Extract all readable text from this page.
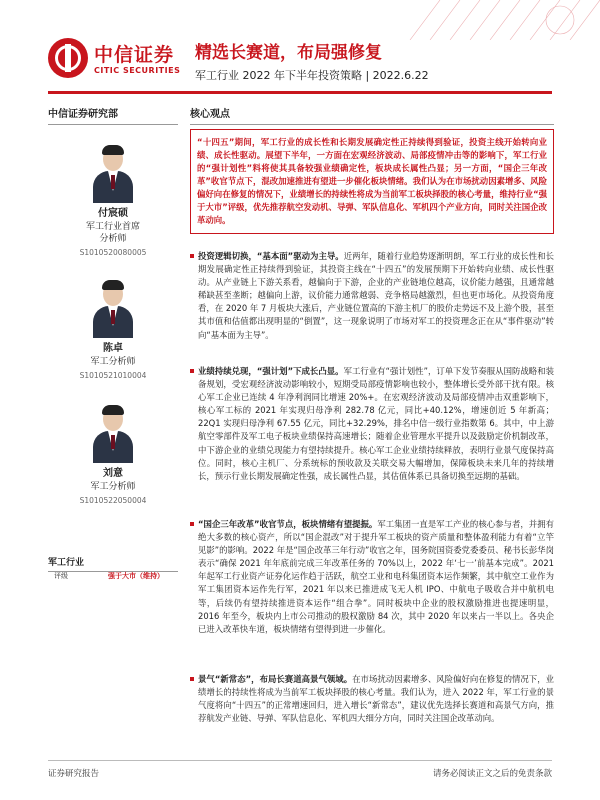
中信证券
CITIC SECURITIES
精选长赛道，布局强修复
军工行业 2022 年下半年投资策略 | 2022.6.22
中信证券研究部
付宸硕
军工行业首席
分析师
S1010520080005
陈卓
军工分析师
S1010521010004
刘意
军工分析师
S1010522050004
军工行业
评级	强于大市（维持）
核心观点
“十四五”期间，军工行业的成长性和长期发展确定性正持续得到验证，投资主线开始转向业绩、成长性驱动。展望下半年，一方面在宏观经济波动、局部疫情冲击等的影响下，军工行业的“强计划性”料将使其具备较强业绩确定性，板块成长属性凸显；另一方面，“国企三年改革”收官节点下，混改加速推进有望进一步催化板块情绪。我们认为在市场扰动因素增多、风险偏好向在修复的情况下，业绩增长的持续性将成为当前军工板块择股的核心考量，维持行业“强于大市”评级，优先推荐航空发动机、导弹、军队信息化、军机四个产业方向，同时关注国企改革动向。
投资逻辑切换，“基本面”驱动为主导。近两年，随着行业趋势逐渐明朗，军工行业的成长性和长期发展确定性正持续得到验证，其投资主线在“十四五”的发展预期下开始转向业绩、成长性驱动。从产业链上下游关系看，越偏向于下游，企业的产业链地位越高，议价能力越强，且通常越稀缺甚至垄断；越偏向上游，议价能力通常越弱、竞争格局越激烈，但也更市场化。从投资角度看，在 2020 年 7 月板块大涨后，产业链位置高的下游主机厂的股价走势远不及上游个股，甚至其市值和估值都出现明显的“倒置”，这一现象说明了市场对军工的投资理念正在从“事件驱动”转向“基本面为主导”。
业绩持续兑现，“强计划”下成长凸显。军工行业有“强计划性”，订单下发节奏服从国防战略和装备规划，受宏观经济波动影响较小，短期受局部疫情影响也较小，整体增长受外部干扰有限。核心军工企业已连续 4 年净利润同比增速 20%+。在宏观经济波动及局部疫情冲击双重影响下，核心军工标的 2021 年实现归母净利 282.78 亿元，同比+40.12%，增速创近 5 年新高；22Q1 实现归母净利 67.55 亿元，同比+32.29%，排名中信一级行业指数第 6。其中，中上游航空零部件及军工电子板块业绩保持高速增长；随着企业管理水平提升以及鼓励定价机制改革，中下游企业的业绩兑现能力有望持续提升。核心军工企业业绩持续释放，表明行业景气度保持高位。同时，核心主机厂、分系统标的预收款及关联交易大幅增加，保障板块未来几年的持续增长，预示行业长期发展确定性强，成长属性凸显，其估值体系已具备切换至远期的基础。
“国企三年改革”收官节点，板块情绪有望提振。军工集团一直是军工产业的核心参与者，并拥有绝大多数的核心资产，所以“国企混改”对于提升军工板块的资产质量和整体盈利能力有着“立竿见影”的影响。2022 年是“国企改革三年行动”收官之年，国务院国资委党委委员、秘书长彭华岗表示“确保 2021 年年底前完成三年改革任务的 70%以上，2022 年‘七一’前基本完成”。2021 年起军工行业资产证券化运作趋于活跃，航空工业和电科集团资本运作频繁，其中航空工业作为军工集团资本运作先行军，2021 年以来已推进成飞无人机 IPO、中航电子吸收合并中航机电等，后续仍有望持续推进资本运作“组合拳”。同时板块中企业的股权激励推进也提速明显，2016 年至今，板块内上市公司推动的股权激励 84 次，其中 2020 年以来占一半以上。各央企已进入改革快车道，板块情绪有望得到进一步催化。
景气“新常态”，布局长赛道高景气领域。在市场扰动因素增多、风险偏好向在修复的情况下，业绩增长的持续性将成为当前军工板块择股的核心考量。我们认为，进入 2022 年，军工行业的景气度将向“十四五”的正常增速回归，进入增长“新常态”，建议优先选择长赛道和高景气方向，推荐航发产业链、导弹、军队信息化、军机四大细分方向，同时关注国企改革动向。
证券研究报告	请务必阅读正文之后的免责条款
